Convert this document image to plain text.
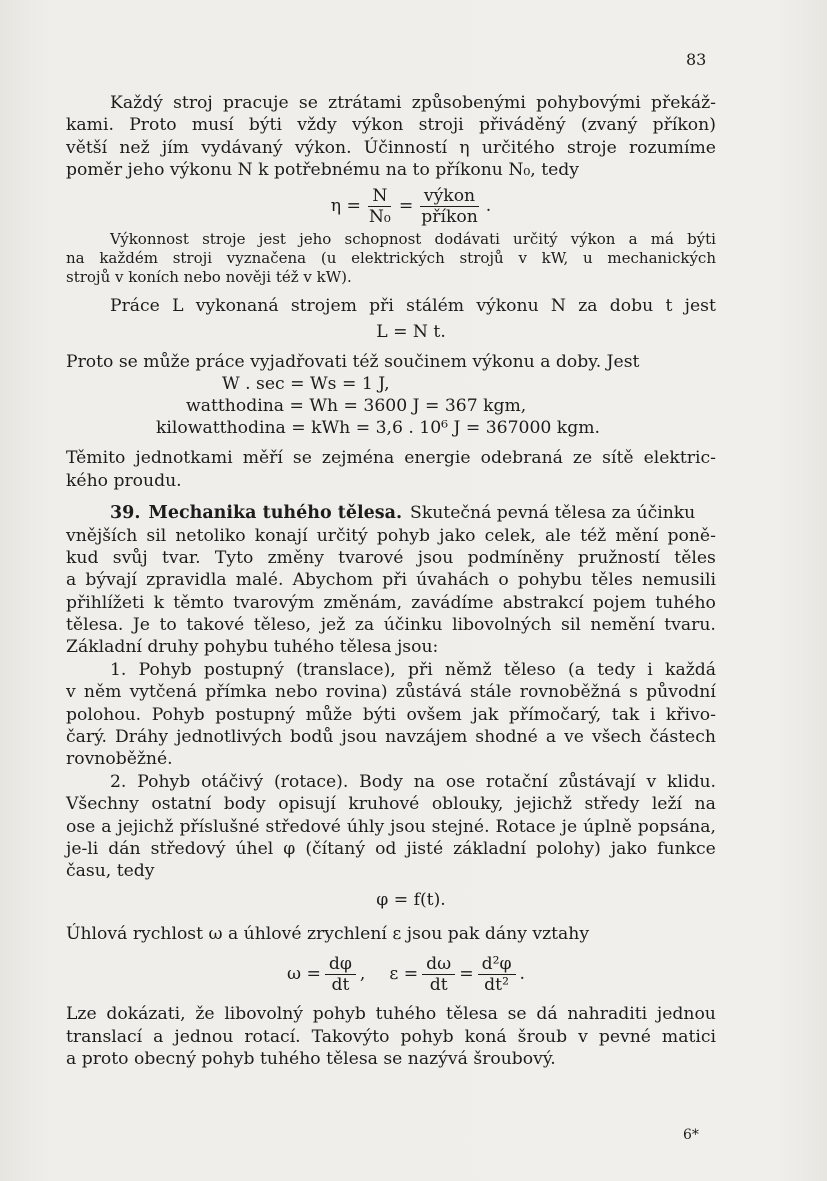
83
Každý stroj pracuje se ztrátami způsobenými pohybovými překáž-
kami. Proto musí býti vždy výkon stroji přiváděný (zvaný příkon)
větší než jím vydávaný výkon. Účinností η určitého stroje rozumíme
poměr jeho výkonu N k potřebnému na to příkonu N₀, tedy
$\eta = \frac{N}{\text{N₀}} = \frac{\text{výkon}}{\text{příkon}}$ .
Výkonnost stroje jest jeho schopnost dodávati určitý výkon a má býti
na každém stroji vyznačena (u elektrických strojů v kW, u mechanických
strojů v koních nebo nověji též v kW).
Práce L vykonaná strojem při stálém výkonu N za dobu t jest
L = N t.
Proto se může práce vyjadřovati též součinem výkonu a doby. Jest
W . sec = Ws = 1 J,
watthodina = Wh = 3600 J = 367 kgm,
kilowatthodina = kWh = 3,6 . 10⁶ J = 367000 kgm.
Těmito jednotkami měří se zejména energie odebraná ze sítě elektric-
kého proudu.
39. Mechanika tuhého tělesa. Skutečná pevná tělesa za účinku
vnějších sil netoliko konají určitý pohyb jako celek, ale též mění poně-
kud svůj tvar. Tyto změny tvarové jsou podmíněny pružností těles
a bývají zpravidla malé. Abychom při úvahách o pohybu těles nemusili
přihlížeti k těmto tvarovým změnám, zavádíme abstrakcí pojem tuhého
tělesa. Je to takové těleso, jež za účinku libovolných sil nemění tvaru.
Základní druhy pohybu tuhého tělesa jsou:
1. Pohyb postupný (translace), při němž těleso (a tedy i každá
v něm vytčená přímka nebo rovina) zůstává stále rovnoběžná s původní
polohou. Pohyb postupný může býti ovšem jak přímočarý, tak i křivo-
čarý. Dráhy jednotlivých bodů jsou navzájem shodné a ve všech částech
rovnoběžné.
2. Pohyb otáčivý (rotace). Body na ose rotační zůstávají v klidu.
Všechny ostatní body opisují kruhové oblouky, jejichž středy leží na
ose a jejichž příslušné středové úhly jsou stejné. Rotace je úplně popsána,
je-li dán středový úhel φ (čítaný od jisté základní polohy) jako funkce
času, tedy
φ = f(t).
Úhlová rychlost ω a úhlové zrychlení ε jsou pak dány vztahy
$\omega = \frac{d\varphi}{dt}$ , $\varepsilon = \frac{d\omega}{dt} = \frac{\text{d²φ}}{\text{dt²}}$ .
Lze dokázati, že libovolný pohyb tuhého tělesa se dá nahraditi jednou
translací a jednou rotací. Takovýto pohyb koná šroub v pevné matici
a proto obecný pohyb tuhého tělesa se nazývá šroubový.
6*
